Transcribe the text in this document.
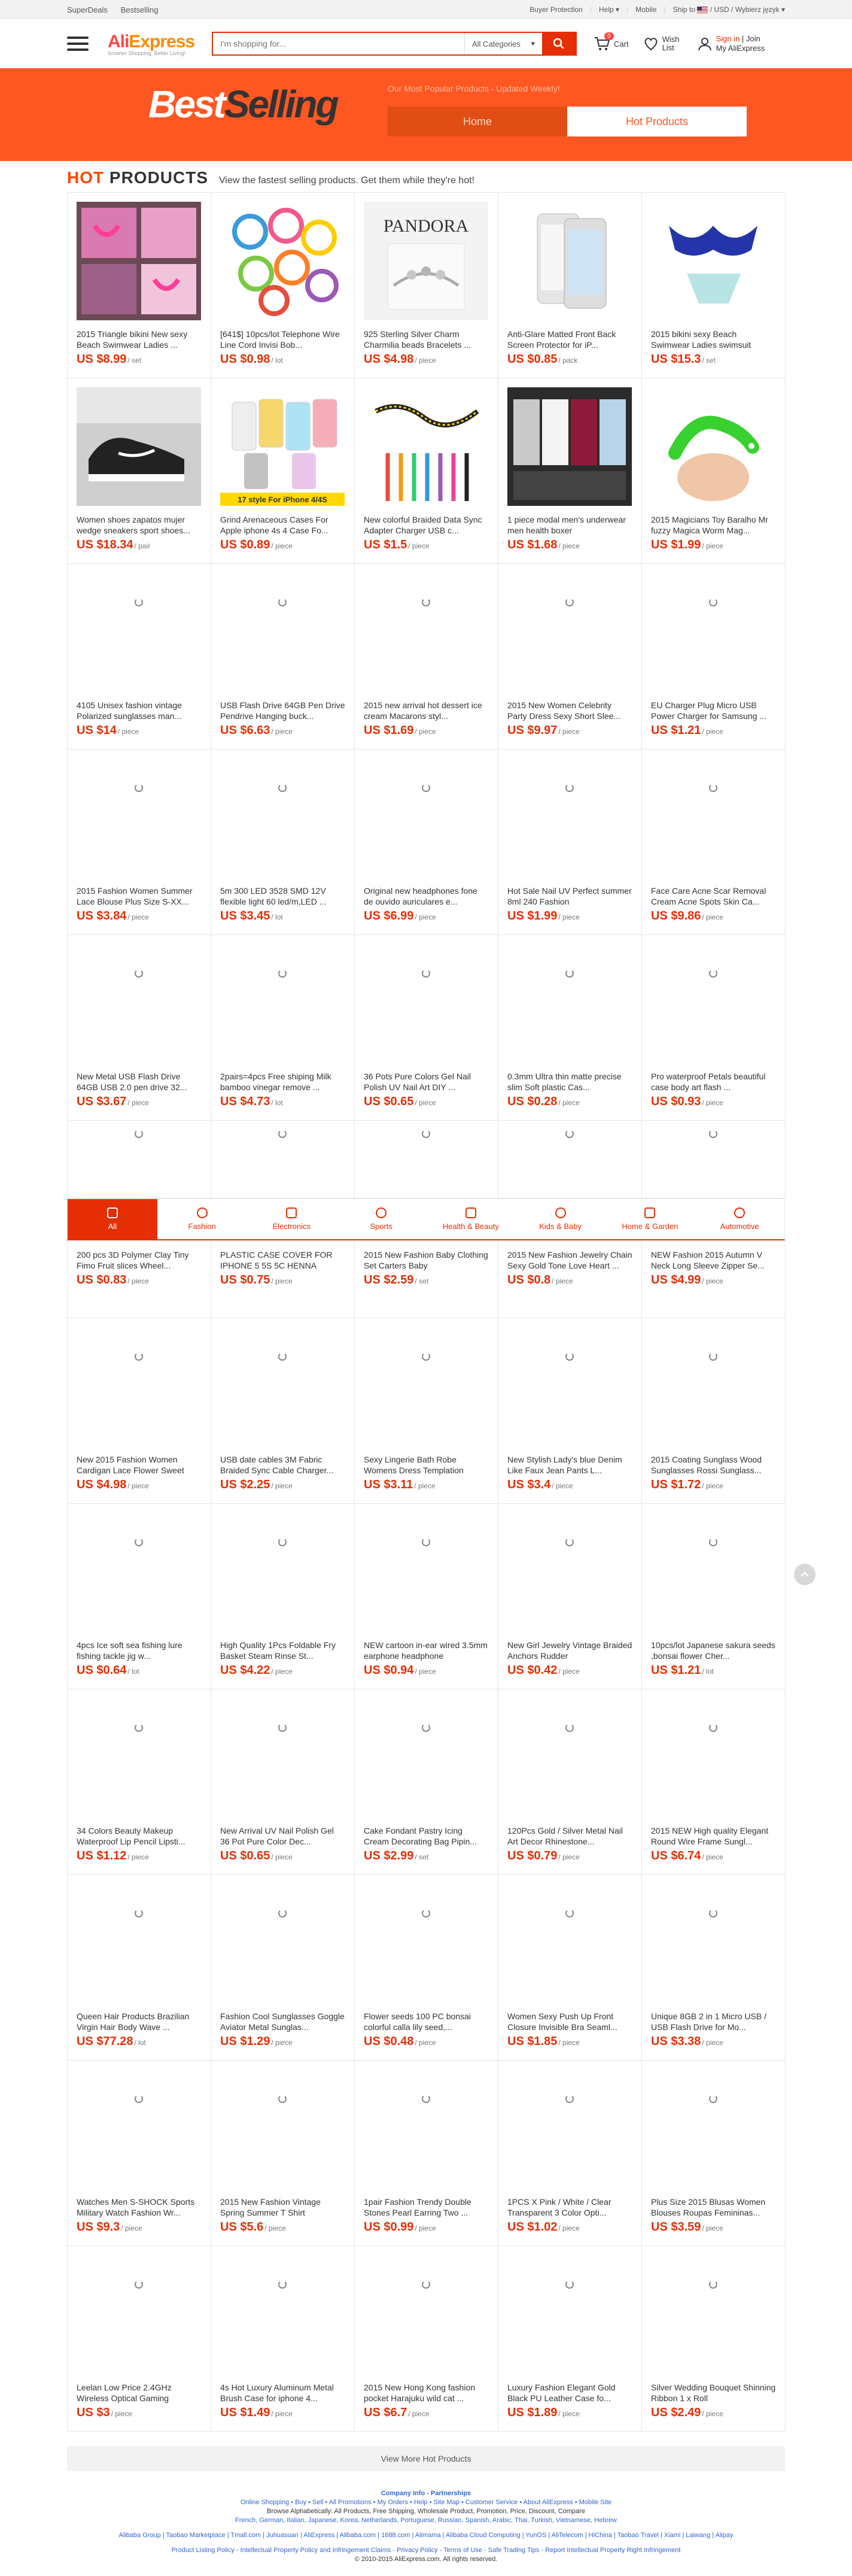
SuperDeals Bestselling	Buyer Protection | Help ▾ | Mobile | Ship to  / USD / Wybierz język ▾
AliExpress
Smarter Shopping, Better Living!
I'm shopping for...
All Categories ▾
0
Cart	Wish List
Sign in | Join
My AliExpress
BestSelling	Our Most Popular Products - Updated Weekly!
Home	Hot Products
HOT PRODUCTS View the fastest selling products. Get them while they're hot!
2015 Triangle bikini New sexy Beach Swimwear Ladies ...
US $8.99 / set
[641$] 10pcs/lot Telephone Wire Line Cord Invisi Bob...
US $0.98 / lot
PANDORA
925 Sterling Silver Charm Charmilia beads Bracelets ...
US $4.98 / piece
Anti-Glare Matted Front Back Screen Protector for iP...
US $0.85 / pack
2015 bikini sexy Beach Swimwear Ladies swimsuit
US $15.3 / set
Women shoes zapatos mujer wedge sneakers sport shoes...
US $18.34 / pair
17 style For iPhone 4/4S
Grind Arenaceous Cases For Apple iphone 4s 4 Case Fo...
US $0.89 / piece
New colorful Braided Data Sync Adapter Charger USB c...
US $1.5 / piece
1 piece modal men's underwear men health boxer
US $1.68 / piece
2015 Magicians Toy Baralho Mr fuzzy Magica Worm Mag...
US $1.99 / piece
4105 Unisex fashion vintage Polarized sunglasses man...
US $14 / piece
USB Flash Drive 64GB Pen Drive Pendrive Hanging buck...
US $6.63 / piece
2015 new arrival hot dessert ice cream Macarons styl...
US $1.69 / piece
2015 New Women Celebrity Party Dress Sexy Short Slee...
US $9.97 / piece
EU Charger Plug Micro USB Power Charger for Samsung ...
US $1.21 / piece
2015 Fashion Women Summer Lace Blouse Plus Size S-XX...
US $3.84 / piece
5m 300 LED 3528 SMD 12V flexible light 60 led/m,LED ...
US $3.45 / lot
Original new headphones fone de ouvido auriculares e...
US $6.99 / piece
Hot Sale Nail UV Perfect summer 8ml 240 Fashion
US $1.99 / piece
Face Care Acne Scar Removal Cream Acne Spots Skin Ca...
US $9.86 / piece
New Metal USB Flash Drive 64GB USB 2.0 pen drive 32...
US $3.67 / piece
2pairs=4pcs Free shiping Milk bamboo vinegar remove ...
US $4.73 / lot
36 Pots Pure Colors Gel Nail Polish UV Nail Art DIY ...
US $0.65 / piece
0.3mm Ultra thin matte precise slim Soft plastic Cas...
US $0.28 / piece
Pro waterproof Petals beautiful case body art flash ...
US $0.93 / piece
All	Fashion	Electronics	Sports	Health & Beauty	Kids & Baby	Home & Garden	Automotive
200 pcs 3D Polymer Clay Tiny Fimo Fruit slices Wheel...
US $0.83 / piece
PLASTIC CASE COVER FOR IPHONE 5 5S 5C HENNA
US $0.75 / piece
2015 New Fashion Baby Clothing Set Carters Baby
US $2.59 / set
2015 New Fashion Jewelry Chain Sexy Gold Tone Love Heart ...
US $0.8 / piece
NEW Fashion 2015 Autumn V Neck Long Sleeve Zipper Se...
US $4.99 / piece
New 2015 Fashion Women Cardigan Lace Flower Sweet
US $4.98 / piece
USB date cables 3M Fabric Braided Sync Cable Charger...
US $2.25 / piece
Sexy Lingerie Bath Robe Womens Dress Templation
US $3.11 / piece
New Stylish Lady's blue Denim Like Faux Jean Pants L...
US $3.4 / piece
2015 Coating Sunglass Wood Sunglasses Rossi Sunglass...
US $1.72 / piece
4pcs Ice soft sea fishing lure fishing tackle jig w...
US $0.64 / lot
High Quality 1Pcs Foldable Fry Basket Steam Rinse St...
US $4.22 / piece
NEW cartoon in-ear wired 3.5mm earphone headphone
US $0.94 / piece
New Girl Jewelry Vintage Braided Anchors Rudder
US $0.42 / piece
10pcs/lot Japanese sakura seeds ,bonsai flower Cher...
US $1.21 / lot
34 Colors Beauty Makeup Waterproof Lip Pencil Lipsti...
US $1.12 / piece
New Arrival UV Nail Polish Gel 36 Pot Pure Color Dec...
US $0.65 / piece
Cake Fondant Pastry Icing Cream Decorating Bag Pipin...
US $2.99 / set
120Pcs Gold / Silver Metal Nail Art Decor Rhinestone...
US $0.79 / piece
2015 NEW High quality Elegant Round Wire Frame Sungl...
US $6.74 / piece
Queen Hair Products Brazilian Virgin Hair Body Wave ...
US $77.28 / lot
Fashion Cool Sunglasses Goggle Aviator Metal Sunglas...
US $1.29 / piece
Flower seeds 100 PC bonsai colorful calla lily seed,...
US $0.48 / piece
Women Sexy Push Up Front Closure Invisible Bra Seaml...
US $1.85 / piece
Unique 8GB 2 in 1 Micro USB / USB Flash Drive for Mo...
US $3.38 / piece
Watches Men S-SHOCK Sports Military Watch Fashion Wr...
US $9.3 / piece
2015 New Fashion Vintage Spring Summer T Shirt
US $5.6 / piece
1pair Fashion Trendy Double Stones Pearl Earring Two ...
US $0.99 / piece
1PCS X Pink / White / Clear Transparent 3 Color Opti...
US $1.02 / piece
Plus Size 2015 Blusas Women Blouses Roupas Femininas...
US $3.59 / piece
Leelan Low Price 2.4GHz Wireless Optical Gaming
US $3 / piece
4s Hot Luxury Aluminum Metal Brush Case for iphone 4...
US $1.49 / piece
2015 New Hong Kong fashion pocket Harajuku wild cat ...
US $6.7 / piece
Luxury Fashion Elegant Gold Black PU Leather Case fo...
US $1.89 / piece
Silver Wedding Bouquet Shinning Ribbon 1 x Roll
US $2.49 / piece
View More Hot Products
Company Info - Partnerships
Online Shopping • Buy • Sell • All Promotions • My Orders • Help • Site Map • Customer Service • About AliExpress • Mobile Site
Browse Alphabetically: All Products, Free Shipping, Wholesale Product, Promotion, Price, Discount, Compare
French, German, Italian, Japanese, Korea, Netherlands, Portuguese, Russian, Spanish, Arabic, Thai, Turkish, Vietnamese, Hebrew
Alibaba Group | Taobao Marketplace | Tmall.com | Juhuasuan | AliExpress | Alibaba.com | 1688.com | Alimama | Alibaba Cloud Computing | YunOS | AliTelecom | HiChina | Taobao Travel | Xiami | Laiwang | Alipay
Product Listing Policy - Intellectual Property Policy and Infringement Claims - Privacy Policy - Terms of Use - Safe Trading Tips - Report Intellectual Property Right Infringement
© 2010-2015 AliExpress.com. All rights reserved.
